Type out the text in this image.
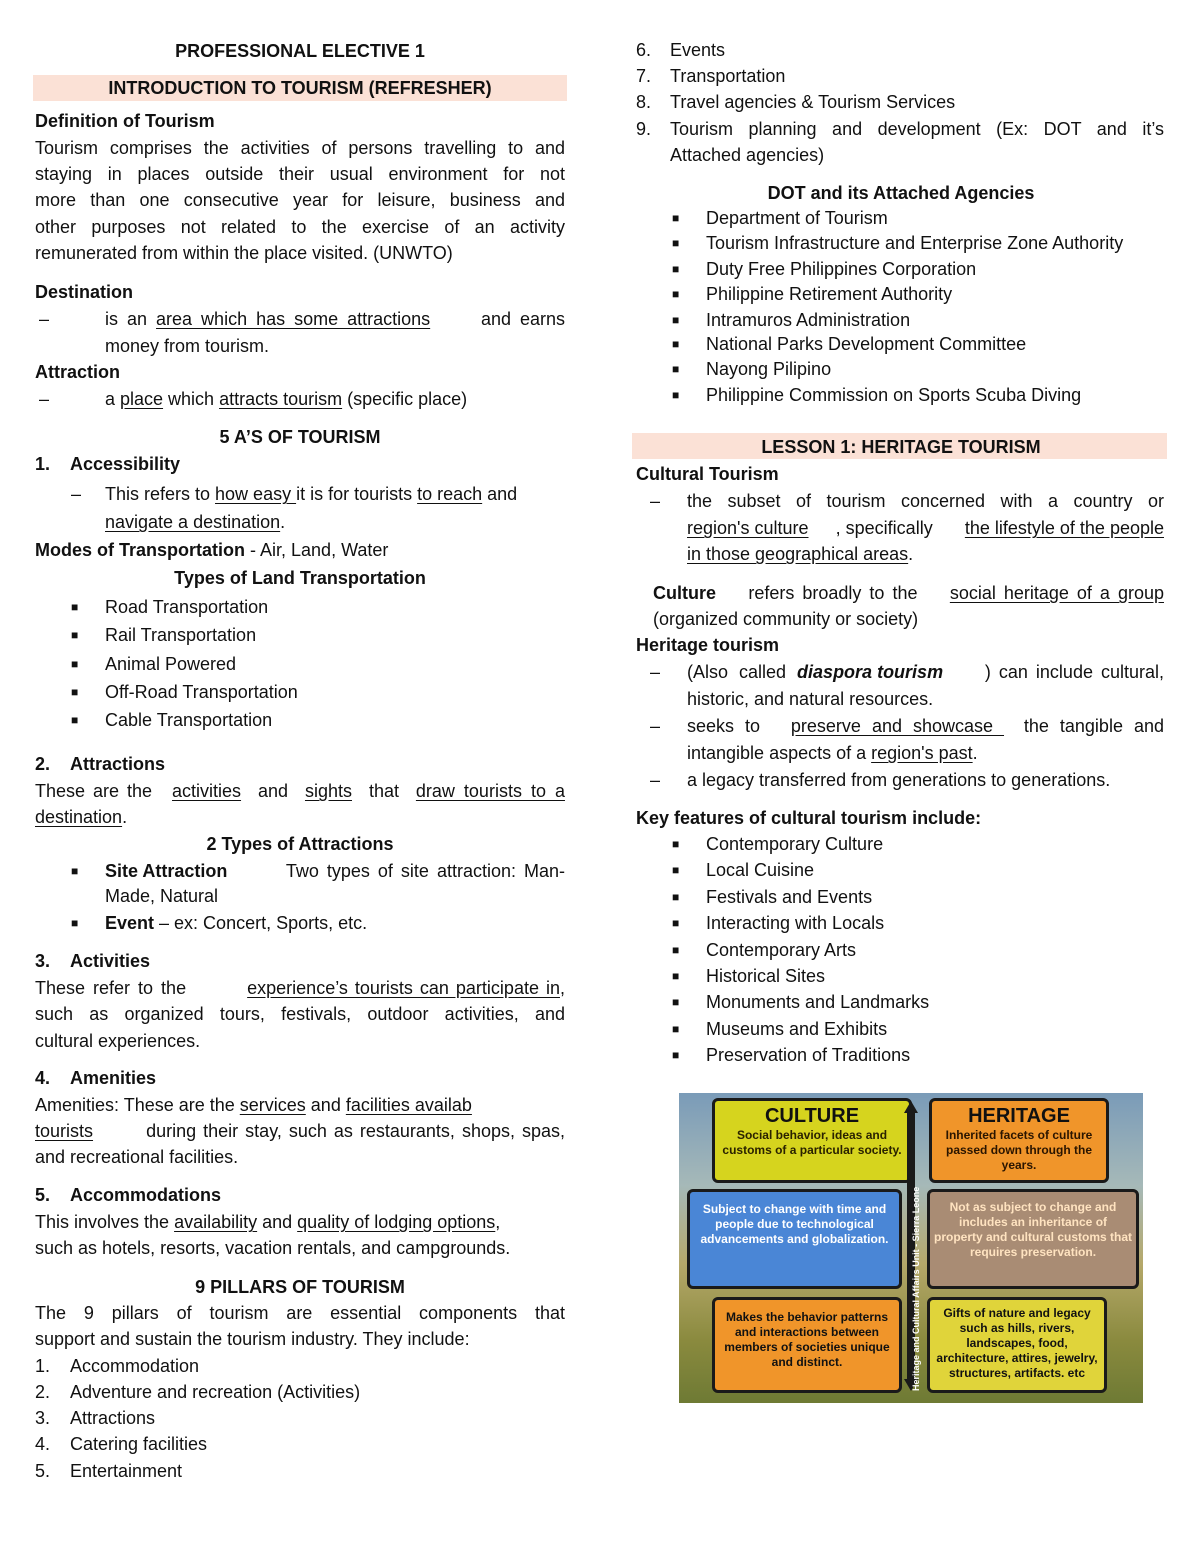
PROFESSIONAL ELECTIVE 1
INTRODUCTION TO TOURISM (REFRESHER)
Definition of Tourism
Tourism comprises the activities of persons travelling to and
staying in places outside their usual environment for not
more than one consecutive year for leisure, business and
other purposes not related to the exercise of an activity
remunerated from within the place visited. (UNWTO)
Destination
–	is an area which has some attractions and earns
money from tourism.
Attraction
–	a place which attracts tourism (specific place)
5 A’S OF TOURISM
1. Accessibility
– This refers to how easy it is for tourists to reach and
navigate a destination.
Modes of Transportation - Air, Land, Water
Types of Land Transportation
■ Road Transportation
■ Rail Transportation
■ Animal Powered
■ Off-Road Transportation
■ Cable Transportation
2. Attractions
These are the activities and sights that draw tourists to a
destination.
2 Types of Attractions
■ Site Attraction	Two types of site attraction: Man-
Made, Natural
■ Event – ex: Concert, Sports, etc.
3. Activities
These refer to the	experience’s tourists can participate in ,
such as organized tours, festivals, outdoor activities, and
cultural experiences.
4. Amenities
Amenities: These are the services and facilities availab
tourists	during their stay, such as restaurants, shops, spas,
and recreational facilities.
5. Accommodations
This involves the availability and quality of lodging options,
such as hotels, resorts, vacation rentals, and campgrounds.
9 PILLARS OF TOURISM
The 9 pillars of tourism are essential components that
support and sustain the tourism industry. They include:
1. Accommodation
2. Adventure and recreation (Activities)
3. Attractions
4. Catering facilities
5. Entertainment
6. Events
7. Transportation
8. Travel agencies & Tourism Services
9. Tourism planning and development (Ex: DOT and it’s
Attached agencies)
DOT and its Attached Agencies
■ Department of Tourism
■ Tourism Infrastructure and Enterprise Zone Authority
■ Duty Free Philippines Corporation
■ Philippine Retirement Authority
■ Intramuros Administration
■ National Parks Development Committee
■ Nayong Pilipino
■ Philippine Commission on Sports Scuba Diving
LESSON 1: HERITAGE TOURISM
Cultural Tourism
– the subset of tourism concerned with a country or
region's culture , specifically the lifestyle of the people
in those geographical areas.
Culture refers broadly to the social heritage of a group
(organized community or society)
Heritage tourism
– (Also called diaspora tourism ) can include cultural,
historic, and natural resources.
– seeks to preserve and showcase the tangible and
intangible aspects of a region's past.
– a legacy transferred from generations to generations.
Key features of cultural tourism include:
■ Contemporary Culture
■ Local Cuisine
■ Festivals and Events
■ Interacting with Locals
■ Contemporary Arts
■ Historical Sites
■ Monuments and Landmarks
■ Museums and Exhibits
■ Preservation of Traditions
CULTURE
Social behavior, ideas and customs of a particular society.
HERITAGE
Inherited facets of culture passed down through the years.
Subject to change with time and people due to technological advancements and globalization.
Not as subject to change and includes an inheritance of property and cultural customs that requires preservation.
Makes the behavior patterns and interactions between members of societies unique and distinct.
Gifts of nature and legacy such as hills, rivers, landscapes, food, architecture, attires, jewelry, structures, artifacts. etc
Heritage and Cultural Affairs Unit - Sierra Leone
